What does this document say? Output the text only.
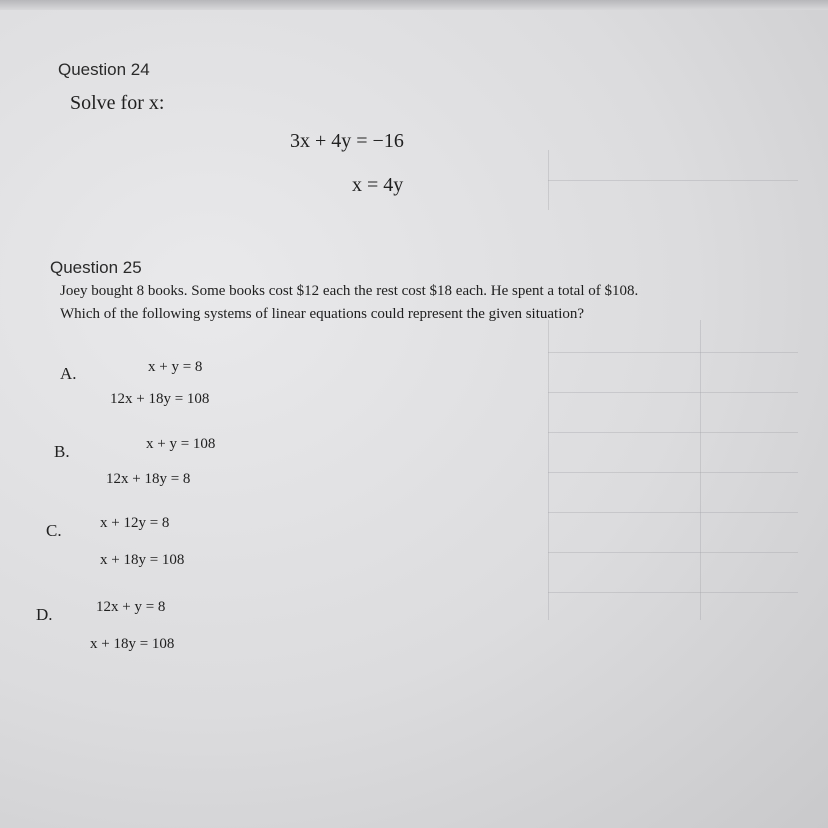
Question 24
Solve for x:
3x + 4y = −16
x = 4y
Question 25
Joey bought 8 books. Some books cost $12 each the rest cost $18 each. He spent a total of $108.
Which of the following systems of linear equations could represent the given situation?
A.	x + y = 8
12x + 18y = 108
B.	x + y = 108
12x + 18y = 8
C.	x + 12y = 8
x + 18y = 108
D.	12x + y = 8
x + 18y = 108
